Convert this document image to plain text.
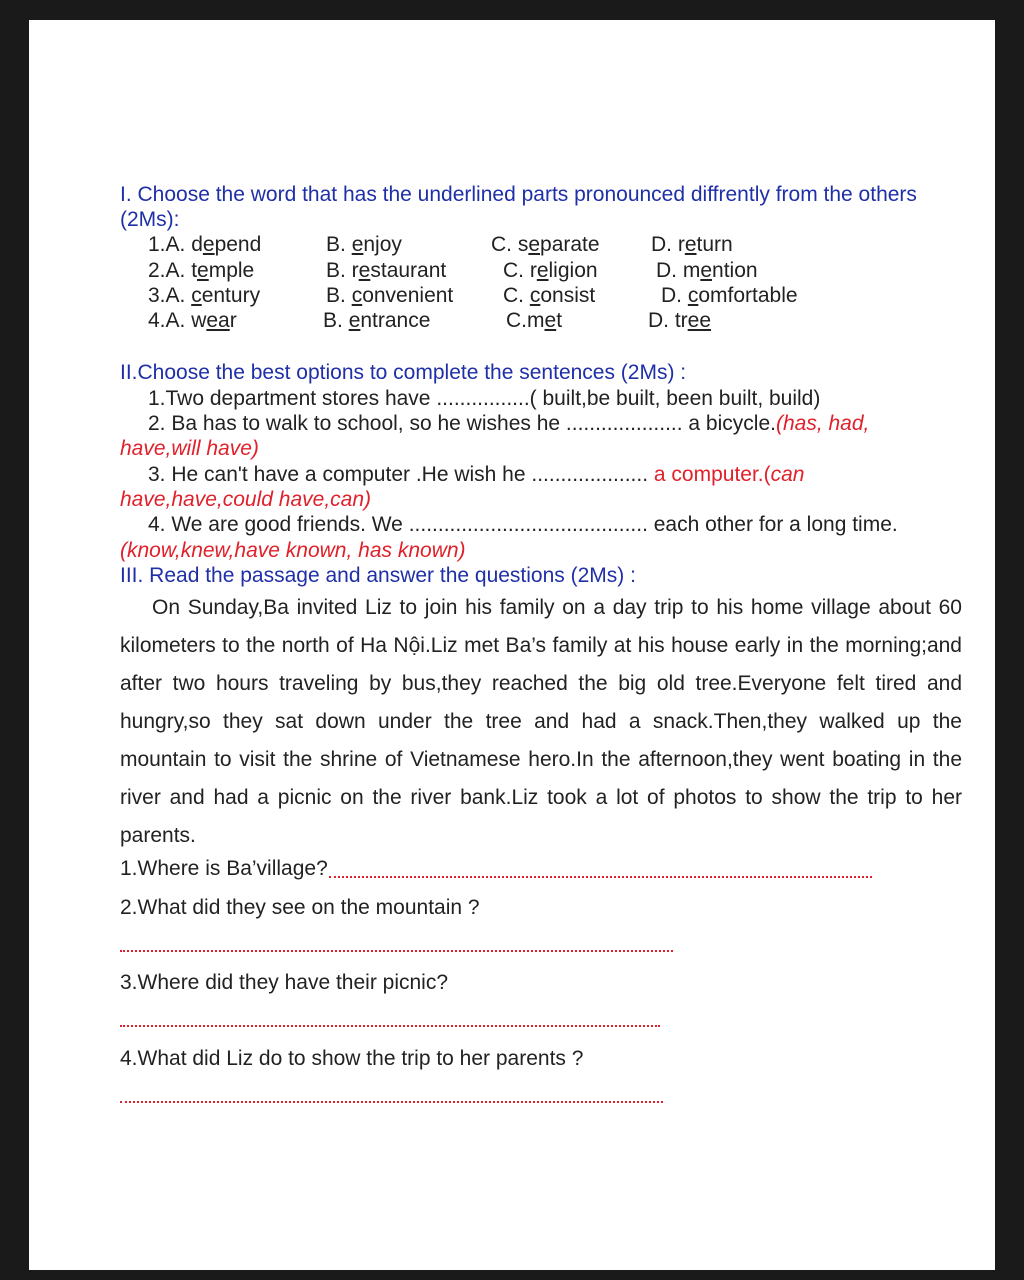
I. Choose the word that has the underlined parts pronounced diffrently from the others (2Ms):
1.A. depend	B. enjoy	C. separate D. return
2.A. temple	B. restaurant	C. religion	D. mention
3.A. century	B. convenient C. consist	D. comfortable
4.A. wear	B. entrance	C.met	D. tree
II.Choose the best options to complete the sentences (2Ms) :
1.Two department stores have ................( built,be built, been built, build)
2. Ba has to walk to school, so he wishes he .................... a bicycle.(has, had,
have,will have)
3. He can't have a computer .He wish he .................... a computer.(can
have,have,could have,can)
4. We are good friends. We ......................................... each other for a long time.
(know,knew,have known, has known)
III. Read the passage and answer the questions (2Ms) :
On Sunday,Ba invited Liz to join his family on a day trip to his home village about 60 kilometers to the north of Ha Nội.Liz met Ba’s family at his house early in the morning;and after two hours traveling by bus,they reached the big old tree.Everyone felt tired and hungry,so they sat down under the tree and had a snack.Then,they walked up the mountain to visit the shrine of Vietnamese hero.In the afternoon,they went boating in the river and had a picnic on the river bank.Liz took a lot of photos to show the trip to her parents.
1.Where is Ba’village?
2.What did they see on the mountain ?
3.Where did they have their picnic?
4.What did Liz do to show the trip to her parents ?
